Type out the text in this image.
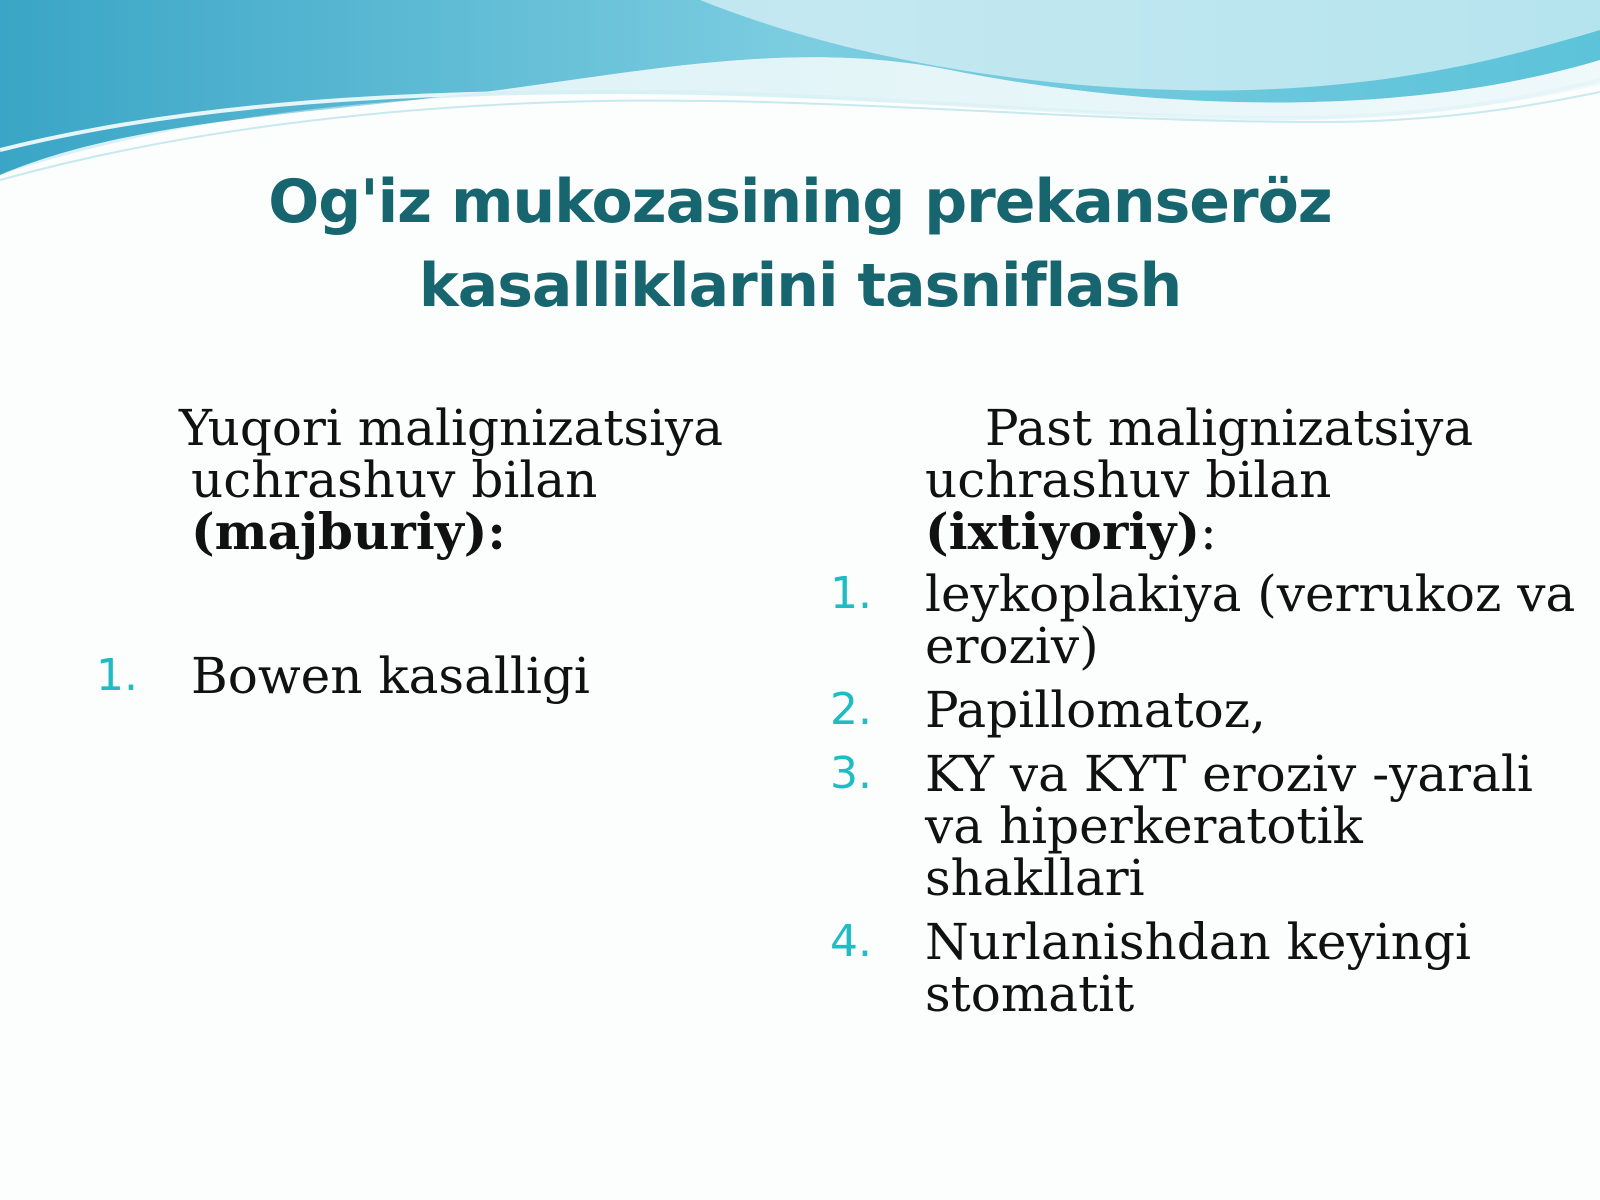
Og'iz mukozasining prekanseröz kasalliklarini tasniflash

Yuqori malignizatsiya
uchrashuv bilan
(majburiy):

1. Bowen kasalligi

Past malignizatsiya
uchrashuv bilan
(ixtiyoriy):

1. leykoplakiya (verrukoz va eroziv)
2. Papillomatoz,
3. KY va KYT eroziv -yarali va hiperkeratotik shakllari
4. Nurlanishdan keyingi stomatit
